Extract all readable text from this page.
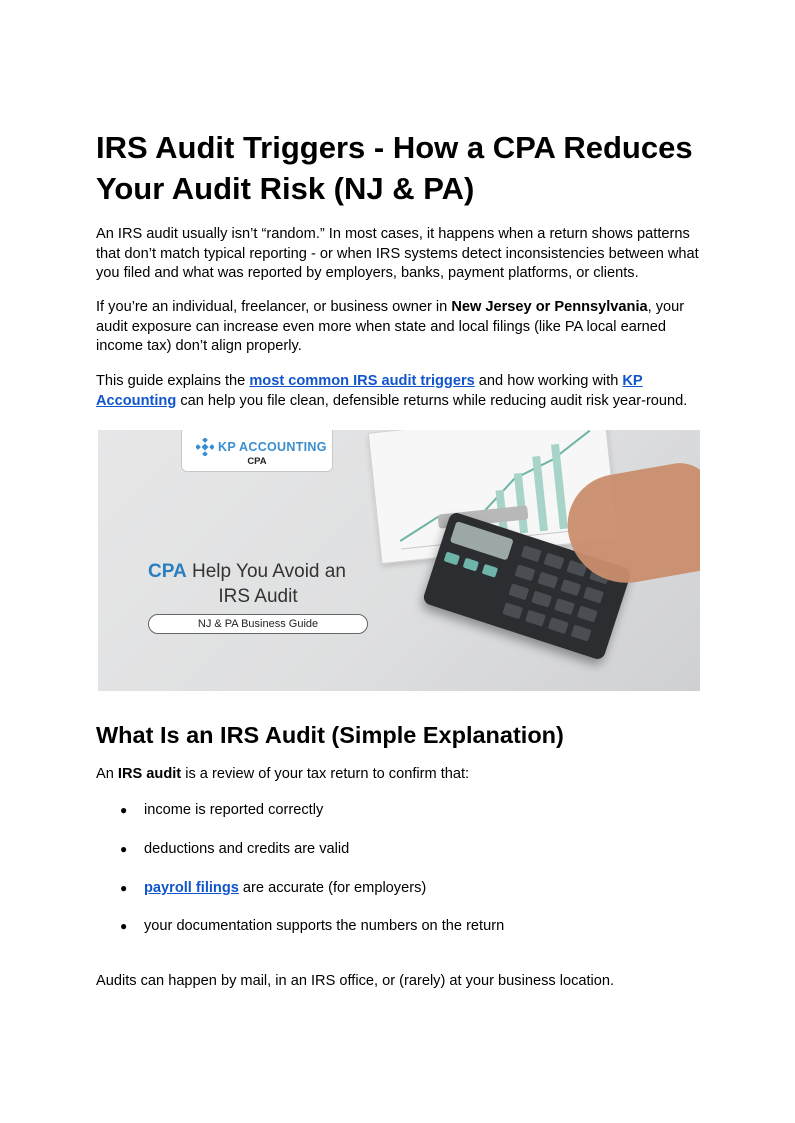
IRS Audit Triggers - How a CPA Reduces Your Audit Risk (NJ & PA)

An IRS audit usually isn’t “random.” In most cases, it happens when a return shows patterns that don’t match typical reporting - or when IRS systems detect inconsistencies between what you filed and what was reported by employers, banks, payment platforms, or clients.

If you’re an individual, freelancer, or business owner in New Jersey or Pennsylvania, your audit exposure can increase even more when state and local filings (like PA local earned income tax) don’t align properly.

This guide explains the most common IRS audit triggers and how working with KP Accounting can help you file clean, defensible returns while reducing audit risk year-round.

What Is an IRS Audit (Simple Explanation)

An IRS audit is a review of your tax return to confirm that:

● income is reported correctly
● deductions and credits are valid
● payroll filings are accurate (for employers)
● your documentation supports the numbers on the return

Audits can happen by mail, in an IRS office, or (rarely) at your business location.

KP ACCOUNTING
CPA
CPA Help You Avoid an
IRS Audit
NJ & PA Business Guide
